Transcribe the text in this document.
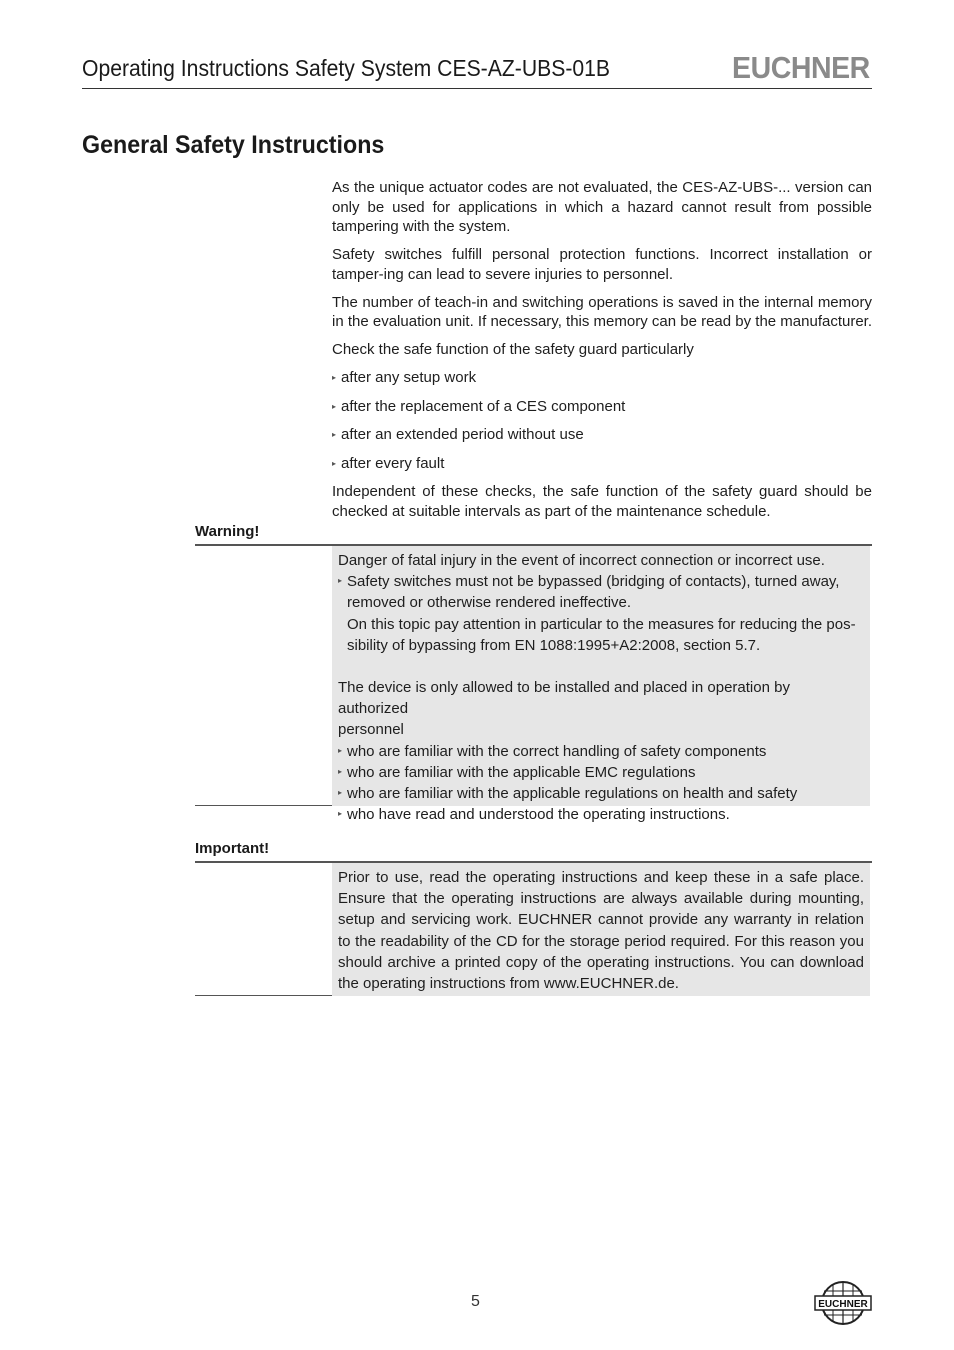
Operating Instructions Safety System CES-AZ-UBS-01B	EUCHNER
General Safety Instructions

As the unique actuator codes are not evaluated, the CES-AZ-UBS-... version can only be used for applications in which a hazard cannot result from possible tampering with the system.

Safety switches fulfill personal protection functions. Incorrect installation or tamper-ing can lead to severe injuries to personnel.

The number of teach-in and switching operations is saved in the internal memory in the evaluation unit. If necessary, this memory can be read by the manufacturer.

Check the safe function of the safety guard particularly

▸ after any setup work
▸ after the replacement of a CES component
▸ after an extended period without use
▸ after every fault

Independent of these checks, the safe function of the safety guard should be checked at suitable intervals as part of the maintenance schedule.

Warning!
Danger of fatal injury in the event of incorrect connection or incorrect use.
▸ Safety switches must not be bypassed (bridging of contacts), turned away,
removed or otherwise rendered ineffective.
On this topic pay attention in particular to the measures for reducing the pos-
sibility of bypassing from EN 1088:1995+A2:2008, section 5.7.
The device is only allowed to be installed and placed in operation by authorized
personnel
▸ who are familiar with the correct handling of safety components
▸ who are familiar with the applicable EMC regulations
▸ who are familiar with the applicable regulations on health and safety
▸ who have read and understood the operating instructions.
Important!
Prior to use, read the operating instructions and keep these in a safe place. Ensure that the operating instructions are always available during mounting, setup and servicing work. EUCHNER cannot provide any warranty in relation to the readability of the CD for the storage period required. For this reason you should archive a printed copy of the operating instructions. You can download the operating instructions from www.EUCHNER.de.
5	EUCHNER
